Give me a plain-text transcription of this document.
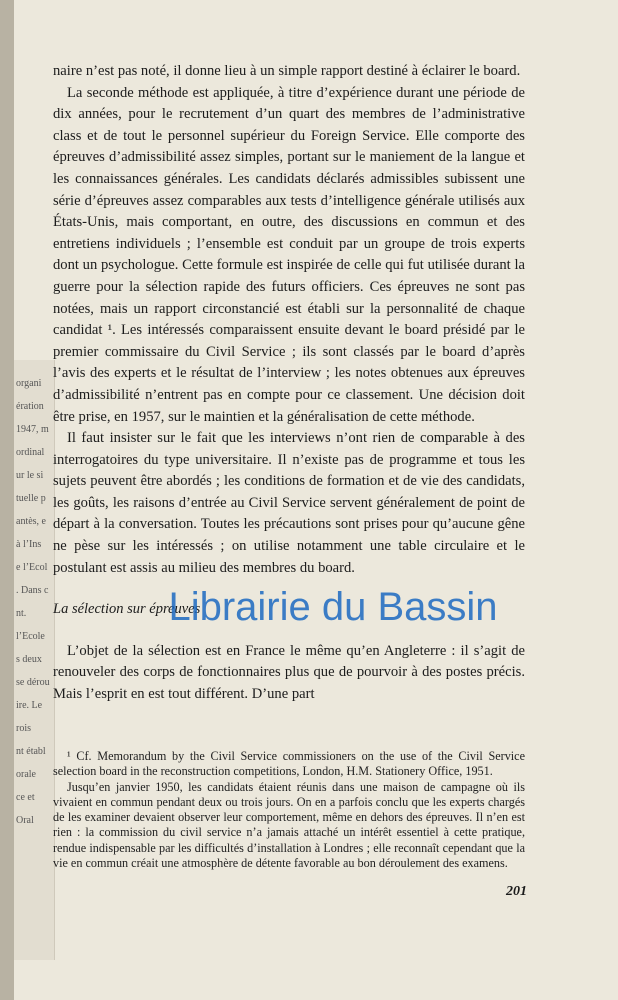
organi
ération
1947, m
ordinal
ur le si
tuelle p
antès, e
à l’Ins
e l’Ecol
. Dans c
nt.
l’Ecole
s deux
se dérou
ire. Le
rois
nt établ
orale
ce et
Oral

naire n’est pas noté, il donne lieu à un simple rapport destiné à éclairer le board.

La seconde méthode est appliquée, à titre d’expérience durant une période de dix années, pour le recrutement d’un quart des membres de l’administrative class et de tout le personnel supérieur du Foreign Service. Elle comporte des épreuves d’admissibilité assez simples, portant sur le maniement de la langue et les connaissances générales. Les candidats déclarés admissibles subissent une série d’épreuves assez comparables aux tests d’intelligence générale utilisés aux États-Unis, mais comportant, en outre, des discussions en commun et des entretiens individuels ; l’ensemble est conduit par un groupe de trois experts dont un psychologue. Cette formule est inspirée de celle qui fut utilisée durant la guerre pour la sélection rapide des futurs officiers. Ces épreuves ne sont pas notées, mais un rapport circonstancié est établi sur la personnalité de chaque candidat ¹. Les intéressés comparaissent ensuite devant le board présidé par le premier commissaire du Civil Service ; ils sont classés par le board d’après l’avis des experts et le résultat de l’interview ; les notes obtenues aux épreuves d’admissibilité n’entrent pas en compte pour ce classement. Une décision doit être prise, en 1957, sur le maintien et la généralisation de cette méthode.

Il faut insister sur le fait que les interviews n’ont rien de comparable à des interrogatoires du type universitaire. Il n’existe pas de programme et tous les sujets peuvent être abordés ; les conditions de formation et de vie des candidats, les goûts, les raisons d’entrée au Civil Service servent généralement de point de départ à la conversation. Toutes les précautions sont prises pour qu’aucune gêne ne pèse sur les intéressés ; on utilise notamment une table circulaire et le postulant est assis au milieu des membres du board.

La sélection sur épreuves

L’objet de la sélection est en France le même qu’en Angleterre : il s’agit de renouveler des corps de fonctionnaires plus que de pourvoir à des postes précis. Mais l’esprit en est tout différent. D’une part

¹ Cf. Memorandum by the Civil Service commissioners on the use of the Civil Service selection board in the reconstruction competitions, London, H.M. Stationery Office, 1951.

Jusqu’en janvier 1950, les candidats étaient réunis dans une maison de campagne où ils vivaient en commun pendant deux ou trois jours. On en a parfois conclu que les experts chargés de les examiner devaient observer leur comportement, même en dehors des épreuves. Il n’en est rien : la commission du civil service n’a jamais attaché un intérêt essentiel à cette pratique, rendue indispensable par les difficultés d’installation à Londres ; elle reconnaît cependant que la vie en commun créait une atmosphère de détente favorable au bon déroulement des examens.

201
Librairie du Bassin
